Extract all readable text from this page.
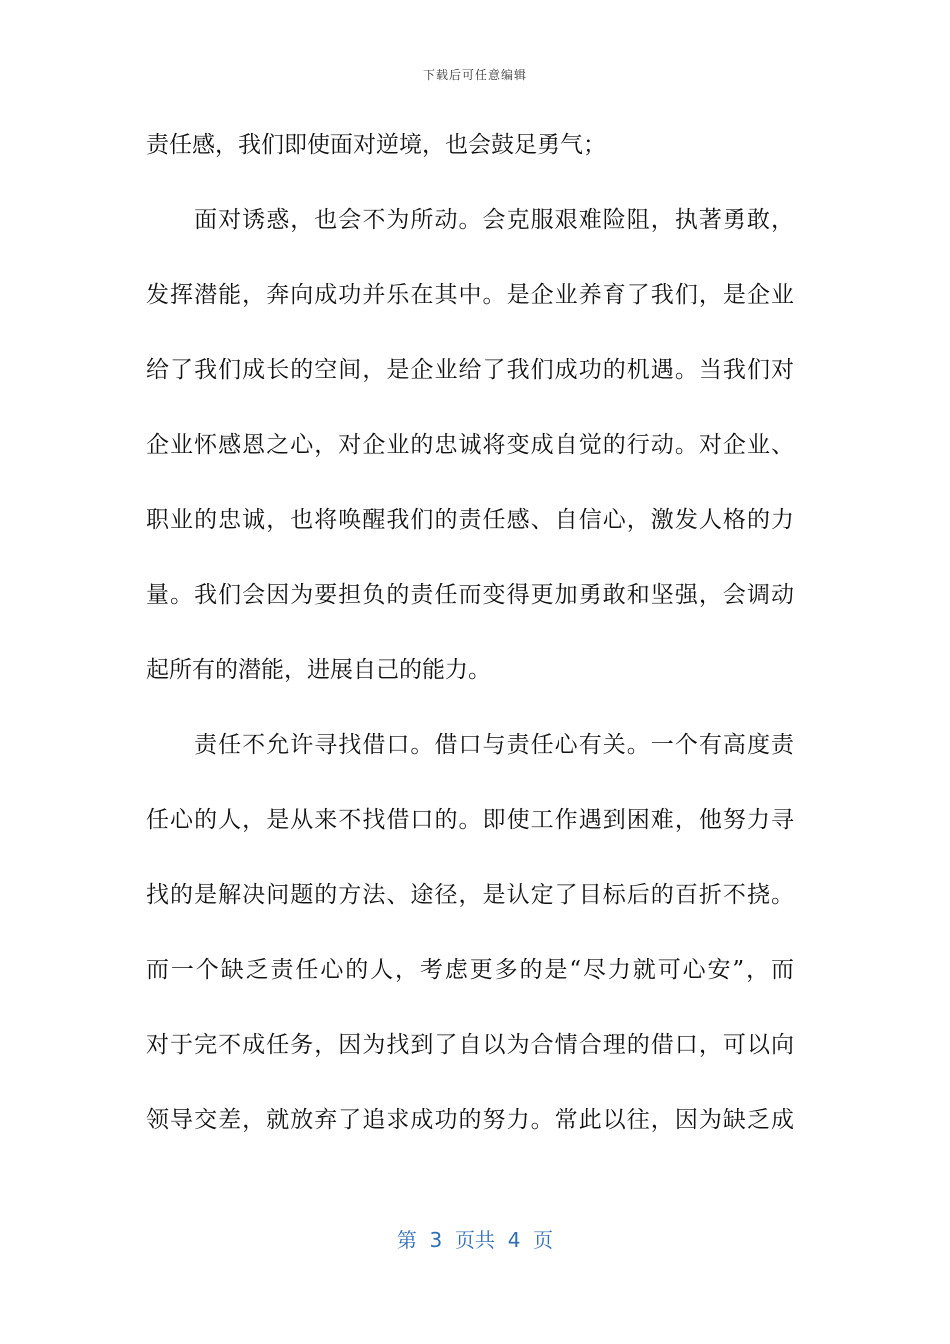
下载后可任意编辑
责任感，我们即使面对逆境，也会鼓足勇气；
　　面对诱惑，也会不为所动。会克服艰难险阻，执著勇敢，
发挥潜能，奔向成功并乐在其中。是企业养育了我们，是企业
给了我们成长的空间，是企业给了我们成功的机遇。当我们对
企业怀感恩之心，对企业的忠诚将变成自觉的行动。对企业、
职业的忠诚，也将唤醒我们的责任感、自信心，激发人格的力
量。我们会因为要担负的责任而变得更加勇敢和坚强，会调动
起所有的潜能，进展自己的能力。
　　责任不允许寻找借口。借口与责任心有关。一个有高度责
任心的人，是从来不找借口的。即使工作遇到困难，他努力寻
找的是解决问题的方法、途径，是认定了目标后的百折不挠。
而一个缺乏责任心的人，考虑更多的是“尽力就可心安”，而
对于完不成任务，因为找到了自以为合情合理的借口，可以向
领导交差，就放弃了追求成功的努力。常此以往，因为缺乏成
第  3  页共  4  页
